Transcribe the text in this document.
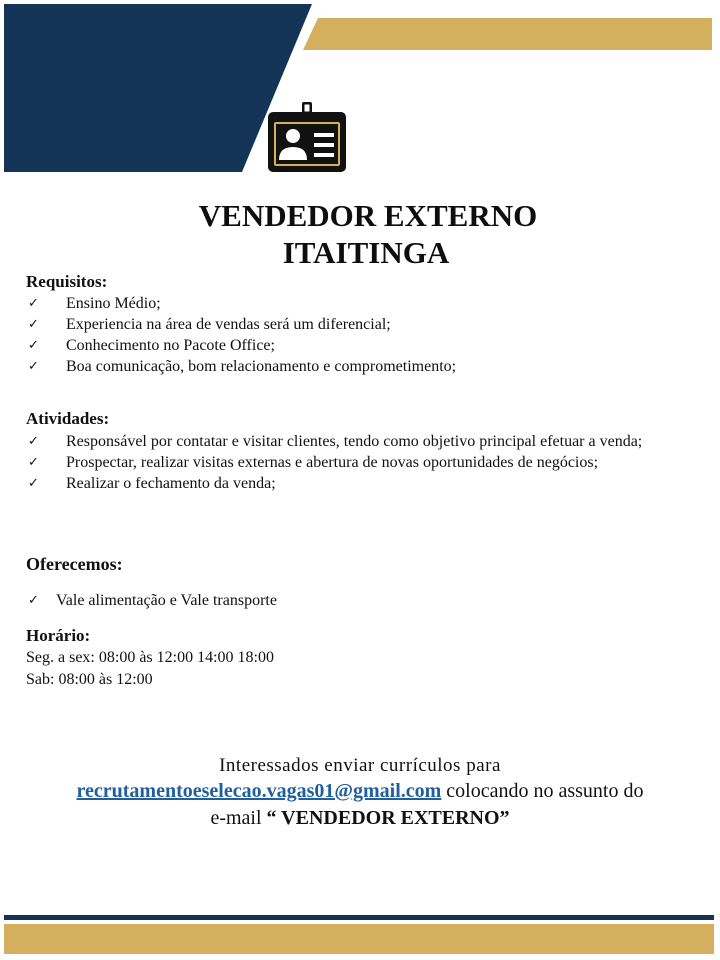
VENDEDOR EXTERNO
ITAITINGA
Requisitos:
✓ Ensino Médio;
✓ Experiencia na área de vendas será um diferencial;
✓ Conhecimento no Pacote Office;
✓ Boa comunicação, bom relacionamento e comprometimento;
Atividades:
✓ Responsável por contatar e visitar clientes, tendo como objetivo principal efetuar a venda;
✓ Prospectar, realizar visitas externas e abertura de novas oportunidades de negócios;
✓ Realizar o fechamento da venda;
Oferecemos:
✓ Vale alimentação e Vale transporte
Horário:
Seg. a sex: 08:00 às 12:00 14:00 18:00
Sab: 08:00 às 12:00
Interessados enviar currículos para
recrutamentoeselecao.vagas01@gmail.com colocando no assunto do
e-mail “ VENDEDOR EXTERNO”
